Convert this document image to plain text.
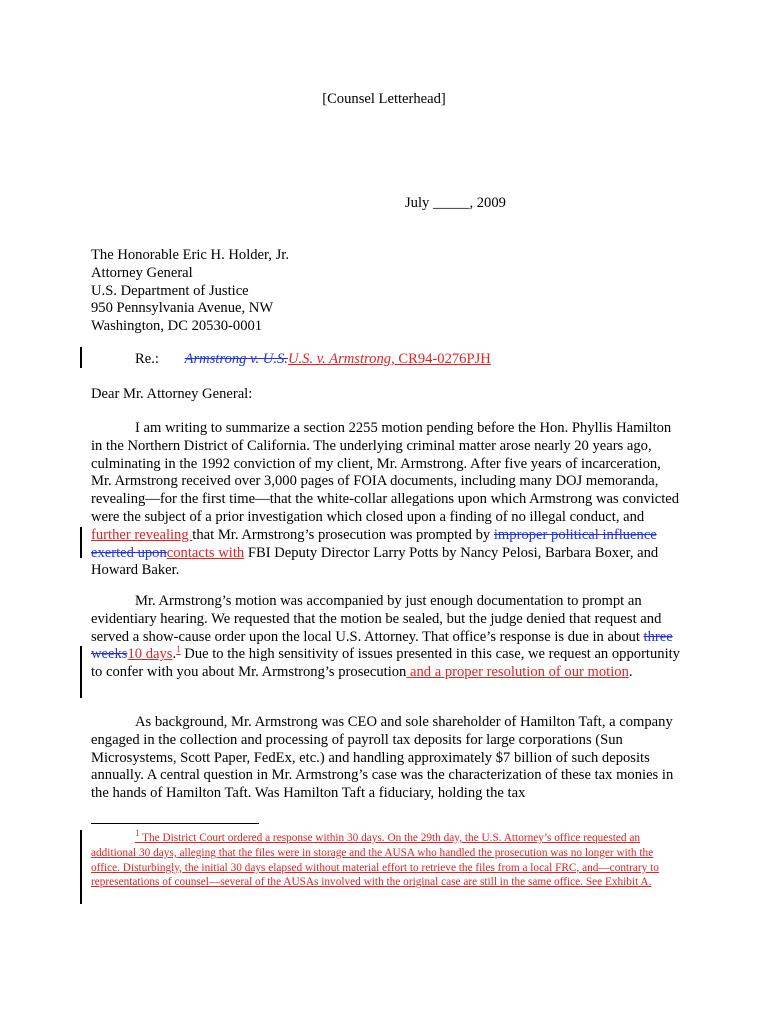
[Counsel Letterhead]
July _____, 2009
The Honorable Eric H. Holder, Jr.
Attorney General
U.S. Department of Justice
950 Pennsylvania Avenue, NW
Washington, DC 20530-0001
Re.: Armstrong v. U.S.U.S. v. Armstrong, CR94-0276PJH
Dear Mr. Attorney General:

I am writing to summarize a section 2255 motion pending before the Hon. Phyllis Hamilton in the Northern District of California. The underlying criminal matter arose nearly 20 years ago, culminating in the 1992 conviction of my client, Mr. Armstrong. After five years of incarceration, Mr. Armstrong received over 3,000 pages of FOIA documents, including many DOJ memoranda, revealing—for the first time—that the white-collar allegations upon which Armstrong was convicted were the subject of a prior investigation which closed upon a finding of no illegal conduct, and further revealing that Mr. Armstrong’s prosecution was prompted by improper political influence exerted uponcontacts with FBI Deputy Director Larry Potts by Nancy Pelosi, Barbara Boxer, and Howard Baker.

Mr. Armstrong’s motion was accompanied by just enough documentation to prompt an evidentiary hearing. We requested that the motion be sealed, but the judge denied that request and served a show-cause order upon the local U.S. Attorney. That office’s response is due in about three weeks10 days.$^1$ Due to the high sensitivity of issues presented in this case, we request an opportunity to confer with you about Mr. Armstrong’s prosecution and a proper resolution of our motion.

As background, Mr. Armstrong was CEO and sole shareholder of Hamilton Taft, a company engaged in the collection and processing of payroll tax deposits for large corporations (Sun Microsystems, Scott Paper, FedEx, etc.) and handling approximately $7 billion of such deposits annually. A central question in Mr. Armstrong’s case was the characterization of these tax monies in the hands of Hamilton Taft. Was Hamilton Taft a fiduciary, holding the tax

$^1$ The District Court ordered a response within 30 days. On the 29th day, the U.S. Attorney’s office requested an additional 30 days, alleging that the files were in storage and the AUSA who handled the prosecution was no longer with the office. Disturbingly, the initial 30 days elapsed without material effort to retrieve the files from a local FRC, and—contrary to representations of counsel—several of the AUSAs involved with the original case are still in the same office. See Exhibit A.
